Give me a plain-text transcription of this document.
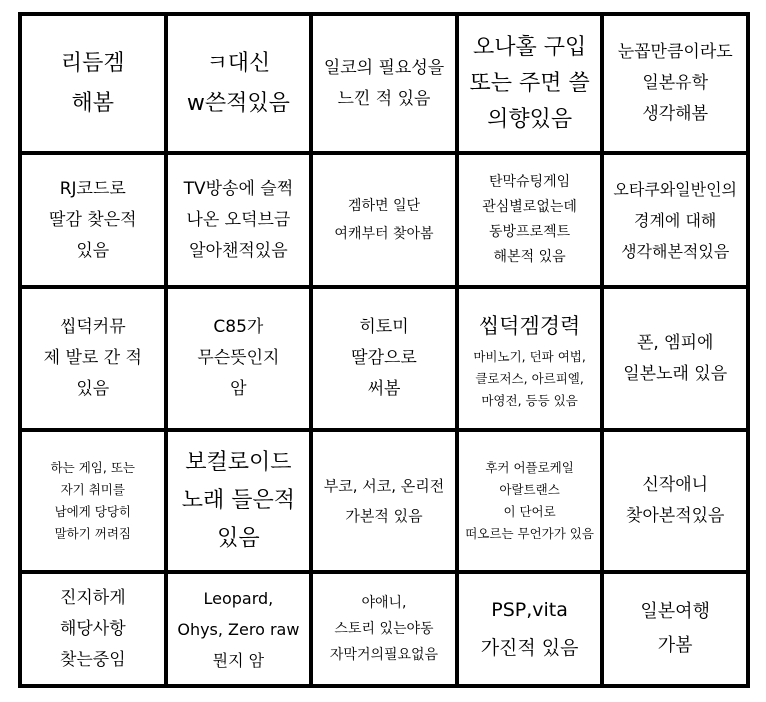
리듬겜
해봄
ㅋ대신
w쓴적있음
일코의 필요성을
느낀 적 있음
오나홀 구입
또는 주면 쓸
의향있음
눈꼽만큼이라도
일본유학
생각해봄
RJ코드로
딸감 찾은적
있음
TV방송에 슬쩍
나온 오덕브금
알아챈적있음
겜하면 일단
여캐부터 찾아봄
탄막슈팅게임
관심별로없는데
동방프로젝트
해본적 있음
오타쿠와일반인의
경계에 대해
생각해본적있음
씹덕커뮤
제 발로 간 적
있음
C85가
무슨뜻인지
암
히토미
딸감으로
써봄
씹덕겜경력
마비노기, 던파 여법,
클로저스, 아르피엘,
마영전, 등등 있음
폰, 엠피에
일본노래 있음
하는 게임, 또는
자기 취미를
남에게 당당히
말하기 꺼려짐
보컬로이드
노래 들은적
있음
부코, 서코, 온리전
가본적 있음
후커 어플로케일
아랄트랜스
이 단어로
떠오르는 무언가가 있음
신작애니
찾아본적있음
진지하게
해당사항
찾는중임
Leopard,
Ohys, Zero raw
뭔지 암
야애니,
스토리 있는야동
자막거의필요없음
PSP,vita
가진적 있음
일본여행
가봄
